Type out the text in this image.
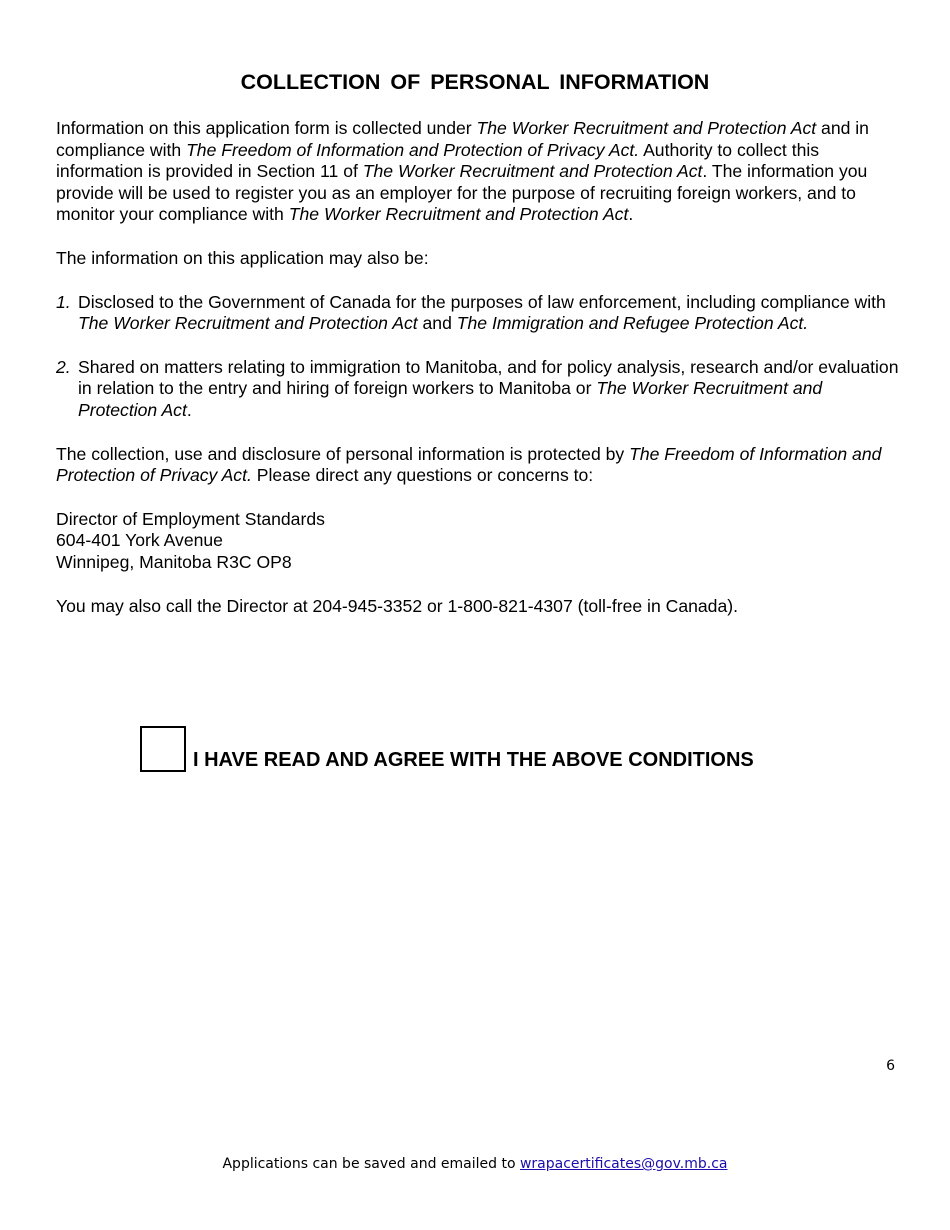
COLLECTION OF PERSONAL INFORMATION

Information on this application form is collected under The Worker Recruitment and Protection Act and in compliance with The Freedom of Information and Protection of Privacy Act. Authority to collect this information is provided in Section 11 of The Worker Recruitment and Protection Act. The information you provide will be used to register you as an employer for the purpose of recruiting foreign workers, and to monitor your compliance with The Worker Recruitment and Protection Act.

The information on this application may also be:

1. Disclosed to the Government of Canada for the purposes of law enforcement, including compliance with The Worker Recruitment and Protection Act and The Immigration and Refugee Protection Act.
2. Shared on matters relating to immigration to Manitoba, and for policy analysis, research and/or evaluation in relation to the entry and hiring of foreign workers to Manitoba or The Worker Recruitment and Protection Act.

The collection, use and disclosure of personal information is protected by The Freedom of Information and Protection of Privacy Act. Please direct any questions or concerns to:

Director of Employment Standards
604-401 York Avenue
Winnipeg, Manitoba R3C OP8

You may also call the Director at 204-945-3352 or 1-800-821-4307 (toll-free in Canada).

I HAVE READ AND AGREE WITH THE ABOVE CONDITIONS
6
Applications can be saved and emailed to wrapacertificates@gov.mb.ca
